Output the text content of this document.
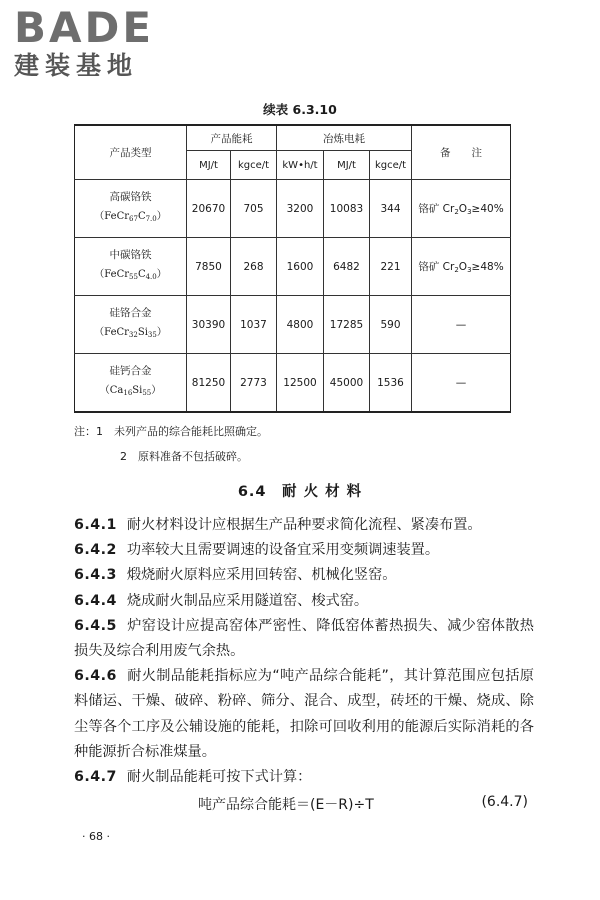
BADE
建装基地
续表 6.3.10
产品类型	产品能耗		冶炼电耗			备　　注
	MJ/t	kgce/t	kW•h/t	MJ/t	kgce/t	

高碳铬铁
$(FeCr_{67}C_{7.0})$	20670	705	3200	10083	344	铬矿 $Cr_2O_3\ge 40\%$

中碳铬铁
$(FeCr_{55}C_{4.0})$	7850	268	1600	6482	221	铬矿 $Cr_2O_3\ge 48\%$

硅铬合金
$(FeCr_{32}Si_{35})$	30390	1037	4800	17285	590	—

硅钙合金
$(Ca_{16}Si_{55})$	81250	2773	12500	45000	1536	—
注：1　未列产品的综合能耗比照确定。
2　原料准备不包括破碎。
6.4　耐 火 材 料

6.4.1 耐火材料设计应根据生产品种要求简化流程、紧凑布置。

6.4.2 功率较大且需要调速的设备宜采用变频调速装置。

6.4.3 煅烧耐火原料应采用回转窑、机械化竖窑。

6.4.4 烧成耐火制品应采用隧道窑、梭式窑。

6.4.5 炉窑设计应提高窑体严密性、降低窑体蓄热损失、减少窑体散热损失及综合利用废气余热。

6.4.6 耐火制品能耗指标应为“吨产品综合能耗”，其计算范围应包括原料储运、干燥、破碎、粉碎、筛分、混合、成型，砖坯的干燥、烧成、除尘等各个工序及公辅设施的能耗，扣除可回收利用的能源后实际消耗的各种能源折合标准煤量。

6.4.7 耐火制品能耗可按下式计算：

吨产品综合能耗＝(E－R)÷T	(6.4.7)
· 68 ·
